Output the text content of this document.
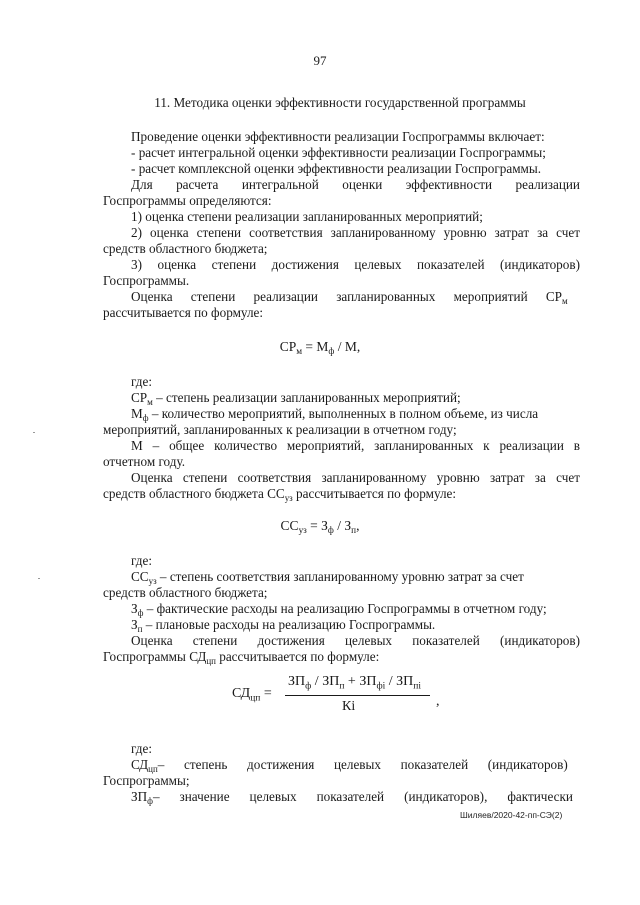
97
11. Методика оценки эффективности государственной программы
Проведение оценки эффективности реализации Госпрограммы включает:
- расчет интегральной оценки эффективности реализации Госпрограммы;
- расчет комплексной оценки эффективности реализации Госпрограммы.
Для расчета интегральной оценки эффективности реализации
Госпрограммы определяются:
1) оценка степени реализации запланированных мероприятий;
2) оценка степени соответствия запланированному уровню затрат за счет
средств областного бюджета;
3) оценка степени достижения целевых показателей (индикаторов)
Госпрограммы.
Оценка степени реализации запланированных мероприятий $СР_м$
рассчитывается по формуле:
$СР_м = М_ф / М$,
где:
$СР_м$ – степень реализации запланированных мероприятий;
$М_ф$ – количество мероприятий, выполненных в полном объеме, из числа
мероприятий, запланированных к реализации в отчетном году;
М – общее количество мероприятий, запланированных к реализации в
отчетном году.
Оценка степени соответствия запланированному уровню затрат за счет
средств областного бюджета $СС_{уз}$ рассчитывается по формуле:
$СС_{уз} = З_ф / З_п$,
где:
$СС_{уз}$ – степень соответствия запланированному уровню затрат за счет
средств областного бюджета;
$З_ф$ – фактические расходы на реализацию Госпрограммы в отчетном году;
$З_п$ – плановые расходы на реализацию Госпрограммы.
Оценка степени достижения целевых показателей (индикаторов)
Госпрограммы $СД_{цп}$ рассчитывается по формуле:
$СД_{цп}$ =
$ЗП_ф / ЗП_п + ЗП_{фi} / ЗП_{пi}$
Кi	,
где:
$СД_{цп}-$ степень достижения целевых показателей (индикаторов)
Госпрограммы;
$ЗП_ф-$ значение целевых показателей (индикаторов), фактически
Шиляев/2020-42-пп-СЭ(2)
